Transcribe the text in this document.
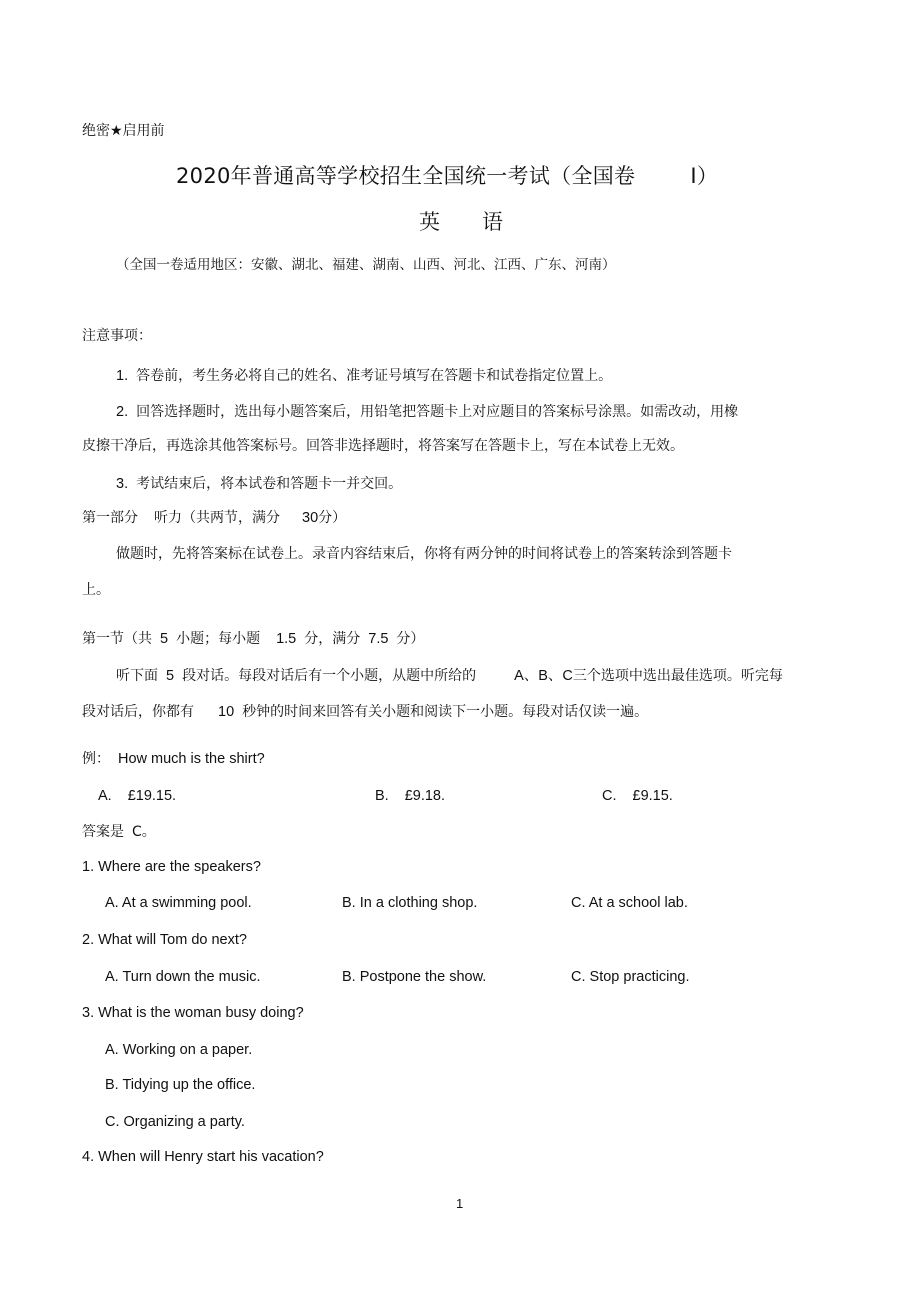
绝密★启用前
2020年普通高等学校招生全国统一考试（全国卷	I）
英 语
（全国一卷适用地区：安徽、湖北、福建、湖南、山西、河北、江西、广东、河南）
注意事项：
1. 答卷前，考生务必将自己的姓名、准考证号填写在答题卡和试卷指定位置上。
2. 回答选择题时，选出每小题答案后，用铅笔把答题卡上对应题目的答案标号涂黑。如需改动，用橡
皮擦干净后，再选涂其他答案标号。回答非选择题时，将答案写在答题卡上，写在本试卷上无效。
3. 考试结束后，将本试卷和答题卡一并交回。
第一部分 听力（共两节，满分 30分）
做题时，先将答案标在试卷上。录音内容结束后，你将有两分钟的时间将试卷上的答案转涂到答题卡
上。
第一节（共 5 小题；每小题 1.5 分，满分 7.5 分）
听下面 5 段对话。每段对话后有一个小题，从题中所给的	A、B、C三个选项中选出最佳选项。听完每
段对话后，你都有 10 秒钟的时间来回答有关小题和阅读下一小题。每段对话仅读一遍。
例： How much is the shirt?
A. £19.15.	B. £9.18.	C. £9.15.
答案是 C。
1. Where are the speakers?
A. At a swimming pool.	B. In a clothing shop.	C. At a school lab.
2. What will Tom do next?
A. Turn down the music.	B. Postpone the show.	C. Stop practicing.
3. What is the woman busy doing?
A. Working on a paper.
B. Tidying up the office.
C. Organizing a party.
4. When will Henry start his vacation?
1
